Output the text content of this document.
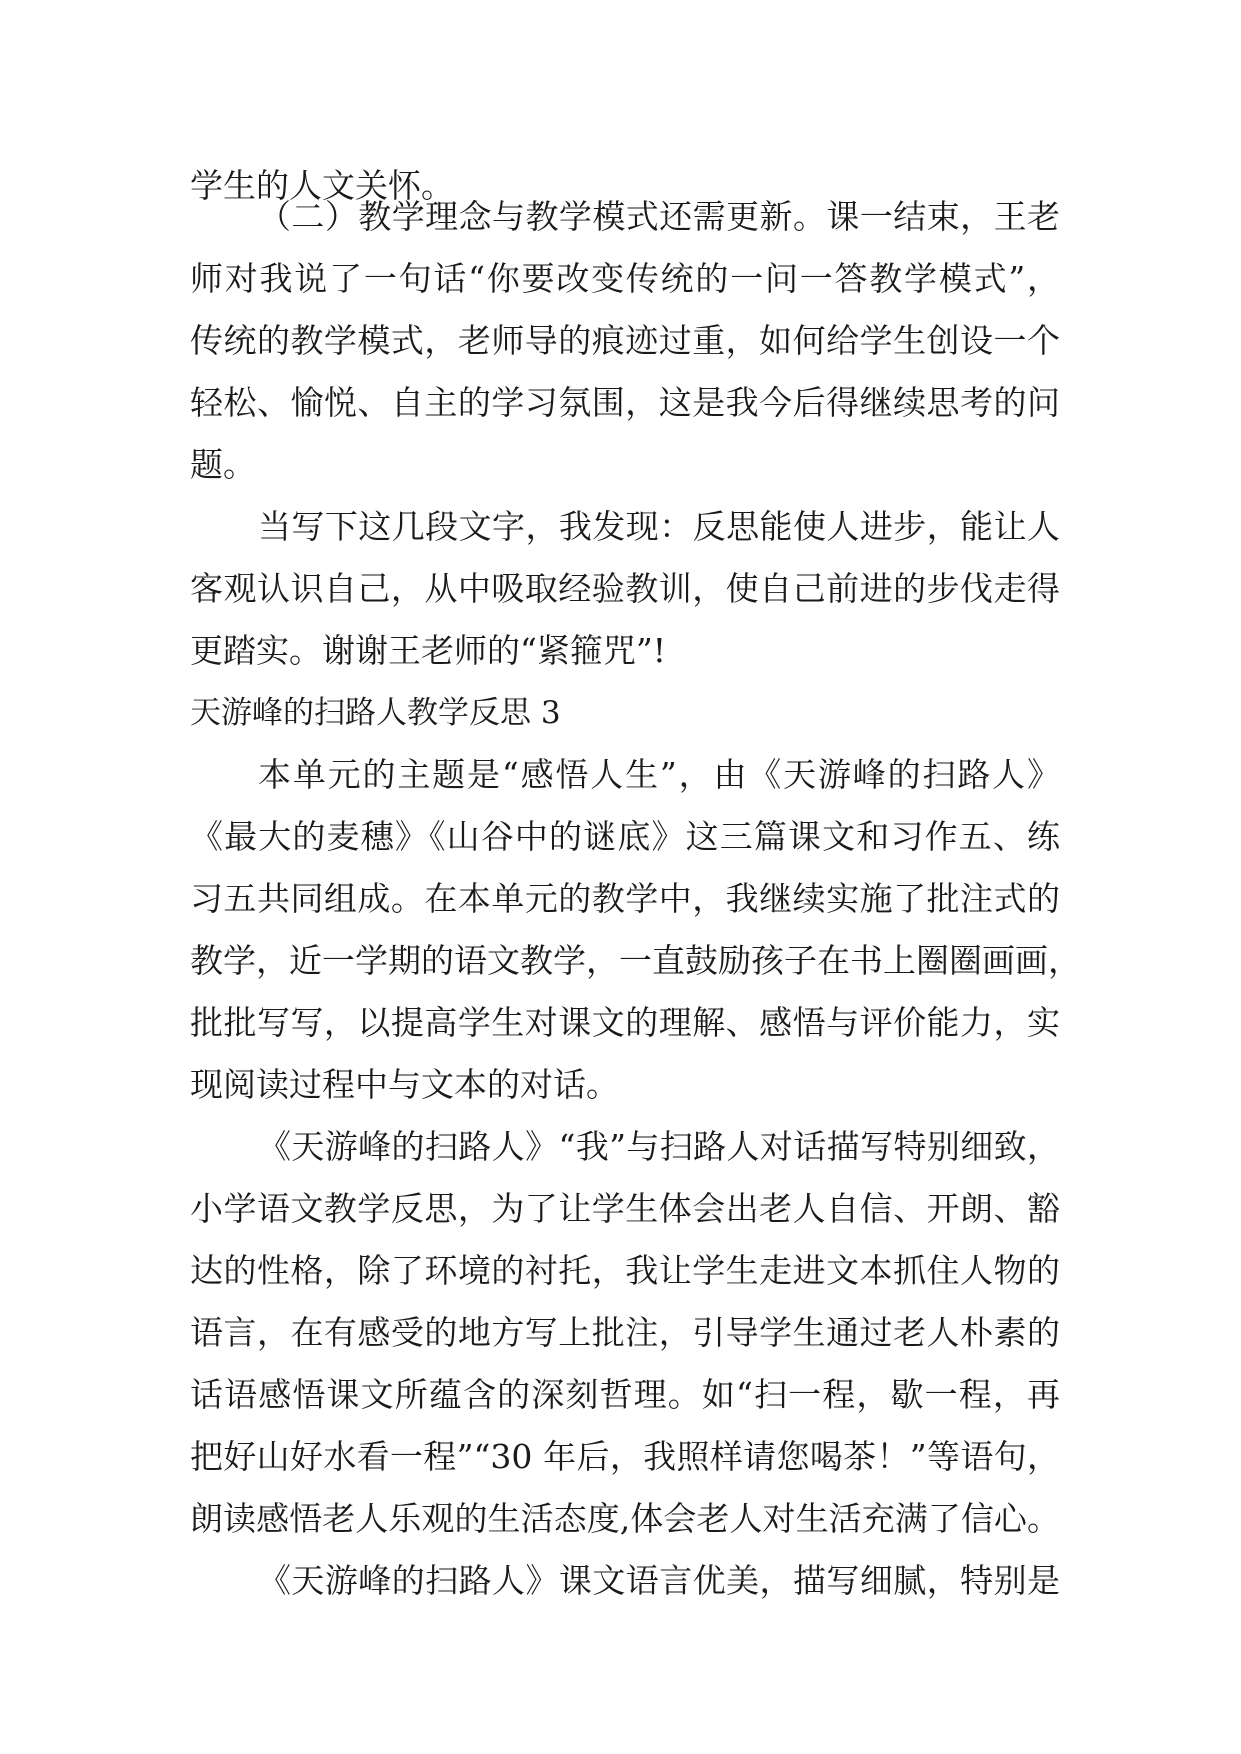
学生的人文关怀。
（二）教学理念与教学模式还需更新。课一结束，王老
师对我说了一句话“你要改变传统的一问一答教学模式”，
传统的教学模式，老师导的痕迹过重，如何给学生创设一个
轻松、愉悦、自主的学习氛围，这是我今后得继续思考的问
题。
当写下这几段文字，我发现：反思能使人进步，能让人
客观认识自己，从中吸取经验教训，使自己前进的步伐走得
更踏实。谢谢王老师的“紧箍咒”!
天游峰的扫路人教学反思 3
本单元的主题是“感悟人生”，由《天游峰的扫路人》
《最大的麦穗》《山谷中的谜底》这三篇课文和习作五、练
习五共同组成。在本单元的教学中，我继续实施了批注式的
教学，近一学期的语文教学，一直鼓励孩子在书上圈圈画画，
批批写写，以提高学生对课文的理解、感悟与评价能力，实
现阅读过程中与文本的对话。
《天游峰的扫路人》“我”与扫路人对话描写特别细致，
小学语文教学反思，为了让学生体会出老人自信、开朗、豁
达的性格，除了环境的衬托，我让学生走进文本抓住人物的
语言，在有感受的地方写上批注，引导学生通过老人朴素的
话语感悟课文所蕴含的深刻哲理。如“扫一程，歇一程，再
把好山好水看一程”“30 年后，我照样请您喝茶！”等语句，
朗读感悟老人乐观的生活态度,体会老人对生活充满了信心。
《天游峰的扫路人》课文语言优美，描写细腻，特别是
